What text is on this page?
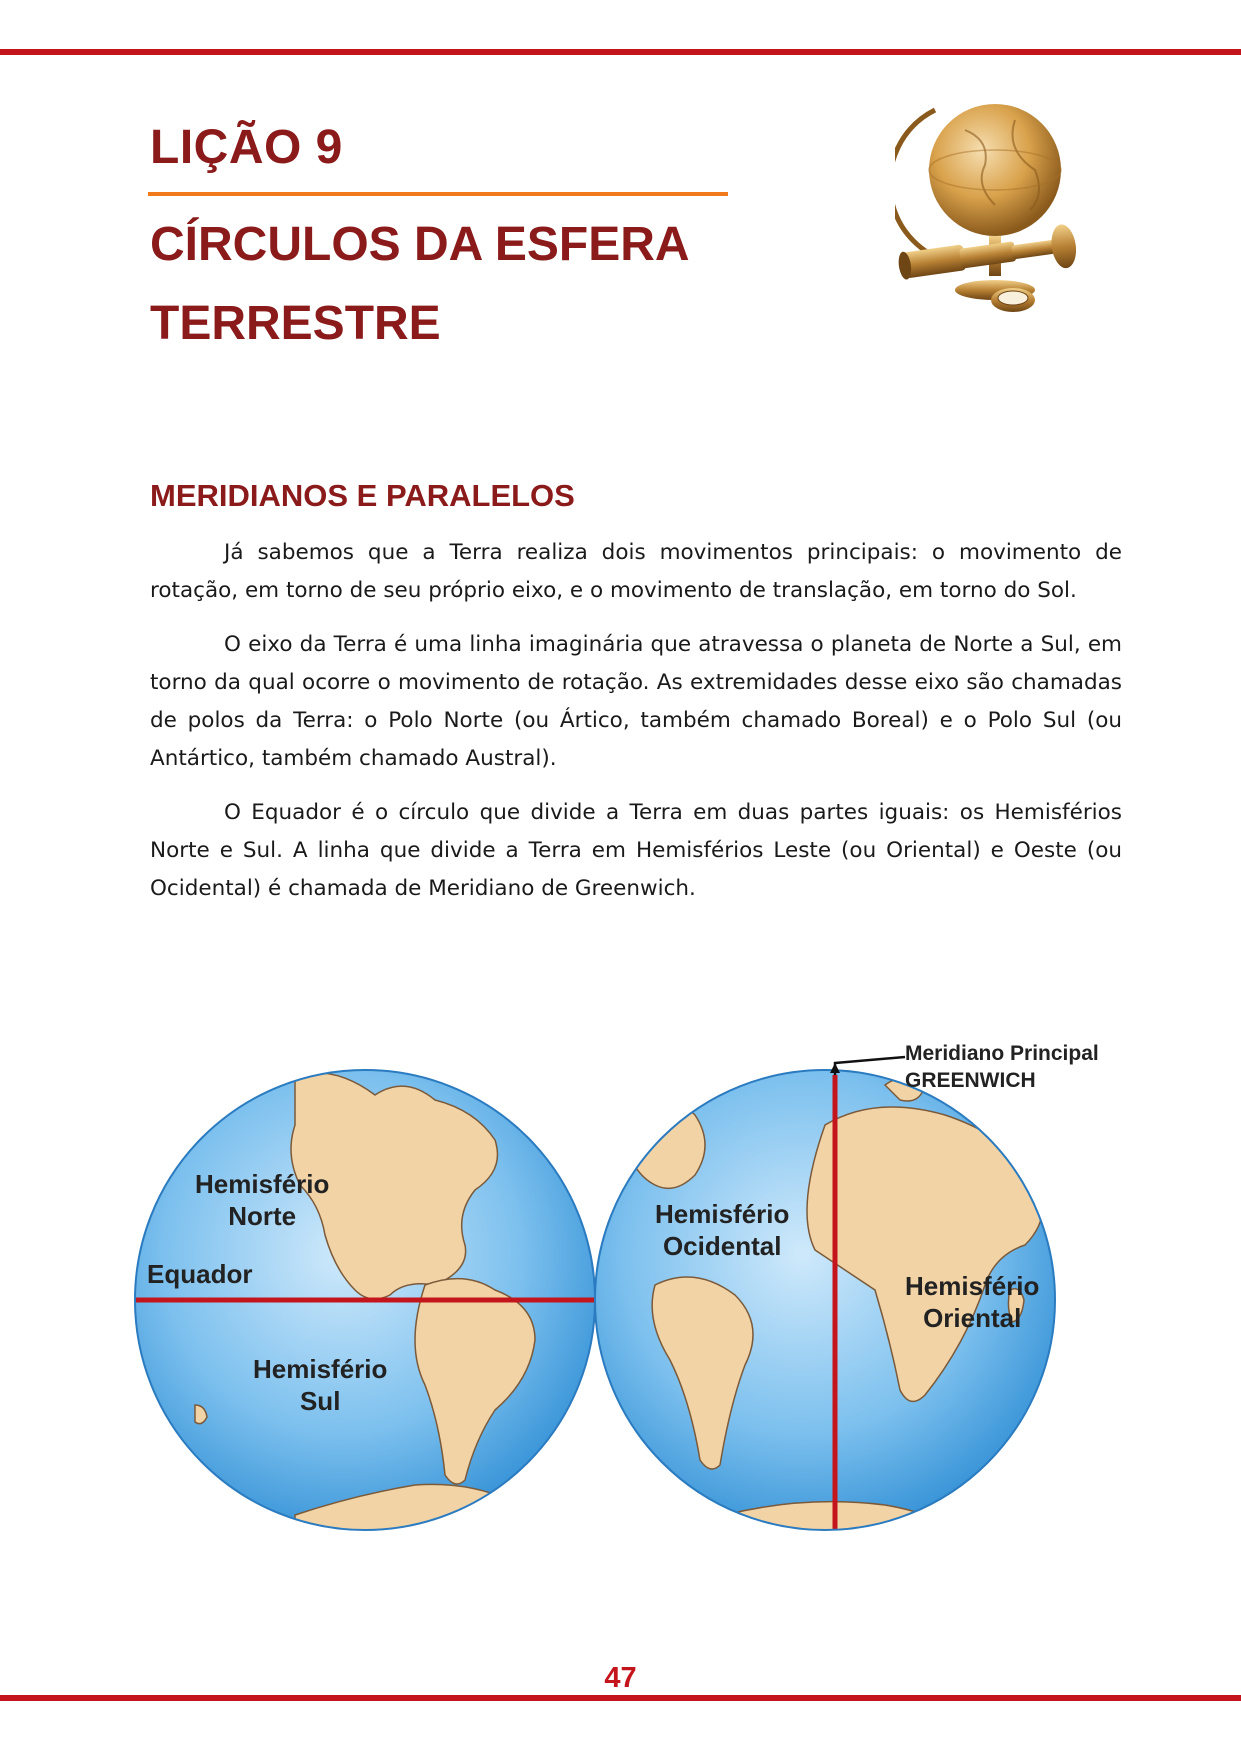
LIÇÃO 9
CÍRCULOS DA ESFERA TERRESTRE
MERIDIANOS E PARALELOS

Já sabemos que a Terra realiza dois movimentos principais: o movimento de rotação, em torno de seu próprio eixo, e o movimento de translação, em torno do Sol.

O eixo da Terra é uma linha imaginária que atravessa o planeta de Norte a Sul, em torno da qual ocorre o movimento de rotação. As extremidades desse eixo são chamadas de polos da Terra: o Polo Norte (ou Ártico, também chamado Boreal) e o Polo Sul (ou Antártico, também chamado Austral).

O Equador é o círculo que divide a Terra em duas partes iguais: os Hemisférios Norte e Sul. A linha que divide a Terra em Hemisférios Leste (ou Oriental) e Oeste (ou Ocidental) é chamada de Meridiano de Greenwich.

Hemisfério
Norte
Equador
Hemisfério
Sul
Meridiano Principal
GREENWICH
Hemisfério
Ocidental
Hemisfério
Oriental
47
